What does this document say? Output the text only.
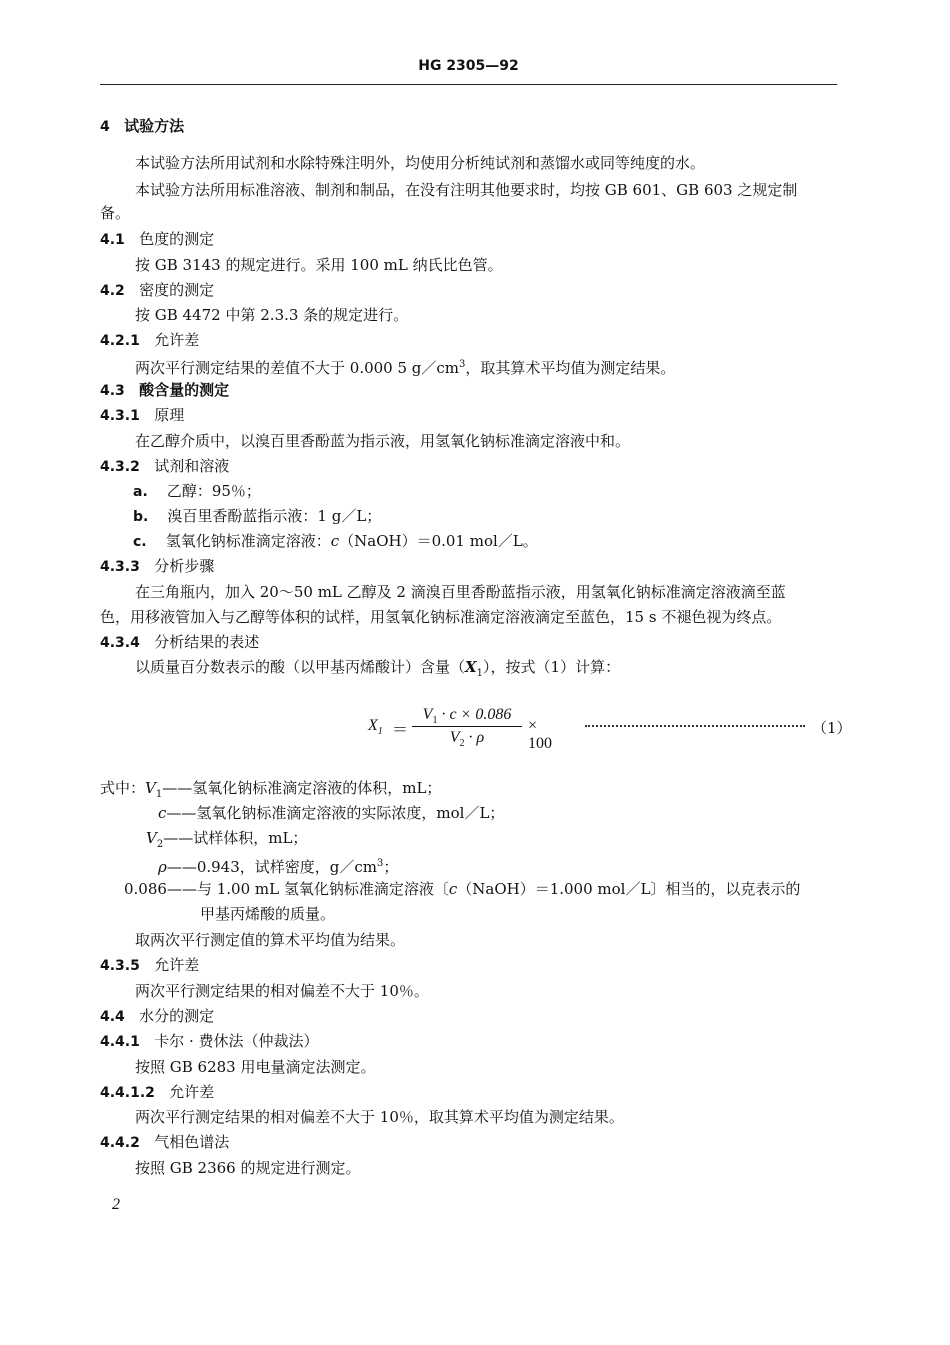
HG 2305—92
4 试验方法
本试验方法所用试剂和水除特殊注明外，均使用分析纯试剂和蒸馏水或同等纯度的水。
本试验方法所用标准溶液、制剂和制品，在没有注明其他要求时，均按 GB 601、GB 603 之规定制
备。
4.1 色度的测定
按 GB 3143 的规定进行。采用 100 mL 纳氏比色管。
4.2 密度的测定
按 GB 4472 中第 2.3.3 条的规定进行。
4.2.1 允许差
两次平行测定结果的差值不大于 0.000 5 $g/cm^3$，取其算术平均值为测定结果。
4.3 酸含量的测定
4.3.1 原理
在乙醇介质中，以溴百里香酚蓝为指示液，用氢氧化钠标准滴定溶液中和。
4.3.2 试剂和溶液
a. 乙醇：95％；
b. 溴百里香酚蓝指示液：1 g／L；
c. 氢氧化钠标准滴定溶液：c（NaOH）＝0.01 mol／L。
4.3.3 分析步骤
在三角瓶内，加入 20～50 mL 乙醇及 2 滴溴百里香酚蓝指示液，用氢氧化钠标准滴定溶液滴至蓝
色，用移液管加入与乙醇等体积的试样，用氢氧化钠标准滴定溶液滴定至蓝色，15 s 不褪色视为终点。
4.3.4 分析结果的表述
以质量百分数表示的酸（以甲基丙烯酸计）含量$(X_1)$，按式（1）计算：
$X_1$ ＝
$V_1 \cdot c \times 0.086$
$V_2 \cdot \rho$
× 100
（1）
式中：$V_1——$氢氧化钠标准滴定溶液的体积，mL；
c——氢氧化钠标准滴定溶液的实际浓度，mol／L；
$V_2——$试样体积，mL；
ρ——0.943，试样密度，$g/cm^3$；
0.086——与 1.00 mL 氢氧化钠标准滴定溶液〔c（NaOH）＝1.000 mol／L〕相当的，以克表示的
甲基丙烯酸的质量。
取两次平行测定值的算术平均值为结果。
4.3.5 允许差
两次平行测定结果的相对偏差不大于 10％。
4.4 水分的测定
4.4.1 卡尔 · 费休法（仲裁法）
按照 GB 6283 用电量滴定法测定。
4.4.1.2 允许差
两次平行测定结果的相对偏差不大于 10％，取其算术平均值为测定结果。
4.4.2 气相色谱法
按照 GB 2366 的规定进行测定。
2
